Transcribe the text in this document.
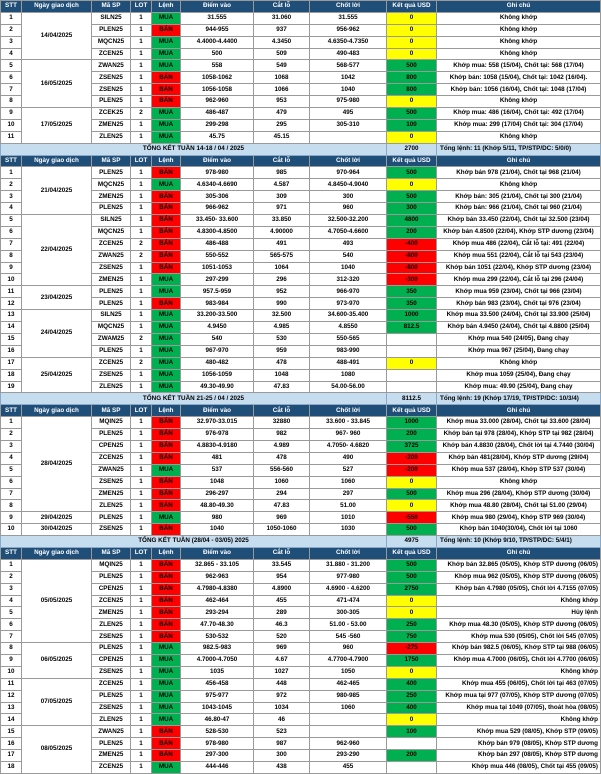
STT	Ngày giao dịch	Mã SP	LOT	Lệnh	Điểm vào	Cắt lỗ	Chốt lời	Kết quả USD	Ghi chú
1	14/04/2025	SILN25	1	MUA	31.555	31.060	31.555	0	Không khớp
2		PLEN25	1	BÁN	944-955	937	956-962	0	Không khớp
3		MQCN25	1	MUA	4.4000-4.4400	4.3450	4.6350-4.7350	0	Không khớp
4		ZCEN25	1	MUA	500	509	490-483	0	Không khớp
5	16/05/2025	ZWAN25	1	MUA	558	549	568-577	500	Khớp mua: 558 (15/04), Chốt tại: 568 (17/04)
6		ZSEN25	1	BÁN	1058-1062	1068	1042	800	Khớp bán: 1058 (15/04), Chốt tại: 1042 (16/04).
7		ZSEN25	1	BÁN	1056-1058	1066	1040	800	Khớp bán: 1056 (16/04), Chốt tại: 1048 (17/04)
8		PLEN25	1	BÁN	962-960	953	975-980	0	Không khớp
9	17/05/2025	ZCEK25	2	MUA	486-487	479	495	500	Khớp mua: 486 (16/04), Chốt tại: 492 (17/04)
10		ZMEN25	1	MUA	299-298	295	305-310	100	Khớp mua: 299 (17/04) Chốt tại: 304 (17/04)
11		ZLEN25	1	MUA	45.75	45.15		0	Không khớp
TỔNG KẾT TUẦN 14-18 / 04 / 2025								2700	Tổng lệnh: 11 (Khớp 5/11, TP/STP/DC: 5/0/0)
STT	Ngày giao dịch	Mã SP	LOT	Lệnh	Điểm vào	Cắt lỗ	Chốt lời	Kết quả USD	Ghi chú
1	21/04/2025	PLEN25	1	BÁN	978-980	985	970-964	500	Khớp bán 978 (21/04), Chốt tại 968 (21/04)
2		MQCN25	1	MUA	4.6340-4.6690	4.587	4.8450-4.9040	0	Không khớp
3		ZMEN25	1	BÁN	305-306	309	300	500	Khớp bán: 305 (21/04), Chốt tại 300 (21/04)
4		PLEN25	1	BÁN	966-962	971	960	300	Khớp bán: 966 (21/04), Chốt tại 960 (21/04)
5	22/04/2025	SILN25	1	BÁN	33.450- 33.600	33.850	32.500-32.200	4800	Khớp bán 33.450 (22/04), Chốt tại 32.500 (23/04)
6		MQCN25	1	BÁN	4.8300-4.8500	4.90000	4.7050-4.6600	200	Khớp bán 4.8500 (22/04), Khớp STP dương (23/04)
7		ZCEN25	2	BÁN	486-488	491	493	-400	Khớp mua 486 (22/04), Cắt lỗ tại: 491 (22/04)
8		ZWAN25	2	BÁN	550-552	565-575	540	-800	Khớp mua 551 (22/04), Cắt lỗ tại 543 (23/04)
9		ZSEN25	1	BÁN	1051-1053	1064	1040	-800	Khớp bán 1051 (22/04), Khớp STP dương (23/04)
10		ZMEN25	1	MUA	297-299	296	312-320	-300	Khớp mua 299 (22/04), Cắt lỗ tại 296 (24/04)
11	23/04/2025	PLEN25	1	MUA	957.5-959	952	966-970	350	Khớp mua 959 (23/04), Chốt tại 966 (23/04)
12		PLEN25	1	BÁN	983-984	990	973-970	350	Khớp bán 983 (23/04), Chốt tại 976 (23/04)
13	24/04/2025	SILN25	1	MUA	33.200-33.500	32.500	34.600-35.400	1000	Khớp mua 33.500 (24/04), Chốt tại 33.900 (25/04)
14		MQCN25	1	MUA	4.9450	4.985	4.8550	812.5	Khớp bán 4.9450 (24/04), Chốt tại 4.8800 (25/04)
15		ZWAM25	2	MUA	540	530	550-565		Khớp mua 540 (24/05), Đang chạy
16		PLEN25	1	MUA	967-970	959	983-990		Khớp mua 967 (25/04), Đang chạy
17	25/04/2025	ZCEN25	2	MUA	480-482	478	488-491	0	Không khớp
18		ZSEN25	1	MUA	1056-1059	1048	1080		Khớp mua 1059 (25/04), Đang chạy
19		ZLEN25	1	MUA	49.30-49.90	47.83	54.00-56.00		Khớp mua: 49.90 (25/04), Đang chạy
TỔNG KẾT TUẦN 21-25 / 04 / 2025								8112.5	Tổng lệnh: 19 (Khớp 17/19, TP/STP/DC: 10/3/4)
STT	Ngày giao dịch	Mã SP	LOT	Lệnh	Điểm vào	Cắt lỗ	Chốt lời	Kết quả USD	Ghi chú
1	28/04/2025	MQIN25	1	BÁN	32.970-33.015	32880	33.600 - 33.845	1000	Khớp mua 33.000 (28/04), Chốt tại 33.600 (28/04)
2		PLEN25	1	BÁN	976-978	982	967- 960	200	Khớp bán tại 978 (28/04), Khớp STP tại 982 (28/04)
3		CPEN25	1	BÁN	4.8830-4.9180	4.989	4.7050- 4.6820	3725	Khớp bán 4.8830 (28/04), Chốt lời tại 4.7440 (30/04)
4		ZCEN25	1	BÁN	481	478	490	-200	Khớp bán 481(28/04), Khớp STP dương (29/04)
5		ZWAN25	1	MUA	537	556-560	527	-200	Khớp mua 537 (28/04), Khớp STP 537 (30/04)
6		ZSEN25	1	BÁN	1048	1060	1060	0	Không khớp
7		ZMEN25	1	BÁN	296-297	294	297	500	Khớp mua 296 (28/04), Khớp STP dương (30/04)
8		ZLEN25	1	BÁN	48.80-49.30	47.83	51.00	0	Khớp mua 48.80 (28/04), Chốt tại 51.00 (29/04)
9	29/04/2025	PLEN25	1	MUA	980	969	1010	-550	Khớp mua 980 (29/04), Khớp STP 969 (30/04)
10	30/04/2025	ZSEN25	1	BÁN	1040	1050-1060	1030	500	Khớp bán 1040(30/04), Chốt lời tại 1060
TỔNG KẾT TUẦN (28/04 - 03/05) 2025								4975	Tổng lệnh: 10 (Khớp 9/10, TP/STP/DC: 5/4/1)
STT	Ngày giao dịch	Mã SP	LOT	Lệnh	Điểm vào	Cắt lỗ	Chốt lời	Kết quả USD	Ghi chú
1	05/05/2025	MQIN25	1	BÁN	32.865 - 33.105	33.545	31.880 - 31.200	500	Khớp bán 32.865 (05/05), Khớp STP dương (06/05)
2		PLEN25	1	BÁN	962-963	954	977-980	500	Khớp mua 962 (05/05), Khớp STP dương (06/05)
3		CPEN25	1	BÁN	4.7980-4.8380	4.8900	4.6900 - 4.6200	2750	Khớp bán 4.7980 (05/05), Chốt lời 4.7155 (07/05)
4		ZCEN25	1	BÁN	462-464	455	471-474	0	Không khớp
5		ZMEN25	1	BÁN	293-294	289	300-305	0	Hủy lệnh
6		ZLEN25	1	BÁN	47.70-48.30	46.3	51.00 - 53.00	250	Khớp mua 48.30 (05/05), Khớp STP dương (06/05)
7		ZSEN25	1	BÁN	530-532	520	545 -560	750	Khớp mua 530 (05/05), Chốt lời 545 (07/05)
8	06/05/2025	PLEN25	1	MUA	982.5-983	969	960	-275	Khớp bán 982.5 (06/05), Khớp STP tại 988 (06/05)
9		CPEN25	1	MUA	4.7000-4.7050	4.67	4.7700-4.7900	1750	Khớp mua 4.7000 (06/05), Chốt lời 4.7700 (06/05)
10		ZSEN25	1	MUA	1035	1027	1050	0	Không khớp
11	07/05/2025	ZCEN25	1	MUA	456-458	448	462-465	400	Khớp mua 455 (06/05), Chốt lời tại 463 (07/05)
12		PLEN25	1	MUA	975-977	972	980-985	250	Khớp mua tại 977 (07/05), Khớp STP dương (07/05)
13		ZSEN25	1	MUA	1043-1045	1034	1060	400	Khớp mua tại 1049 (07/05), thoát hòa (08/05)
14		ZLEN25	1	MUA	46.80-47	46		0	Không khớp
15	08/05/2025	ZWAN25	1	BÁN	528-530	523		100	Khớp mua 529 (08/05), Khớp STP (09/05)
16		PLEN25	1	BÁN	978-980	987	962-960		Khớp bán 979 (08/05), Khớp STP dương
17		ZMEN25	1	BÁN	297-300	300	293-290	200	Khớp bán 297 (08/05), Khớp STP dương
18		ZCEN25	1	MUA	444-446	438	455		Khớp mua 446 (08/05), Chốt tại 455 (09/05)
